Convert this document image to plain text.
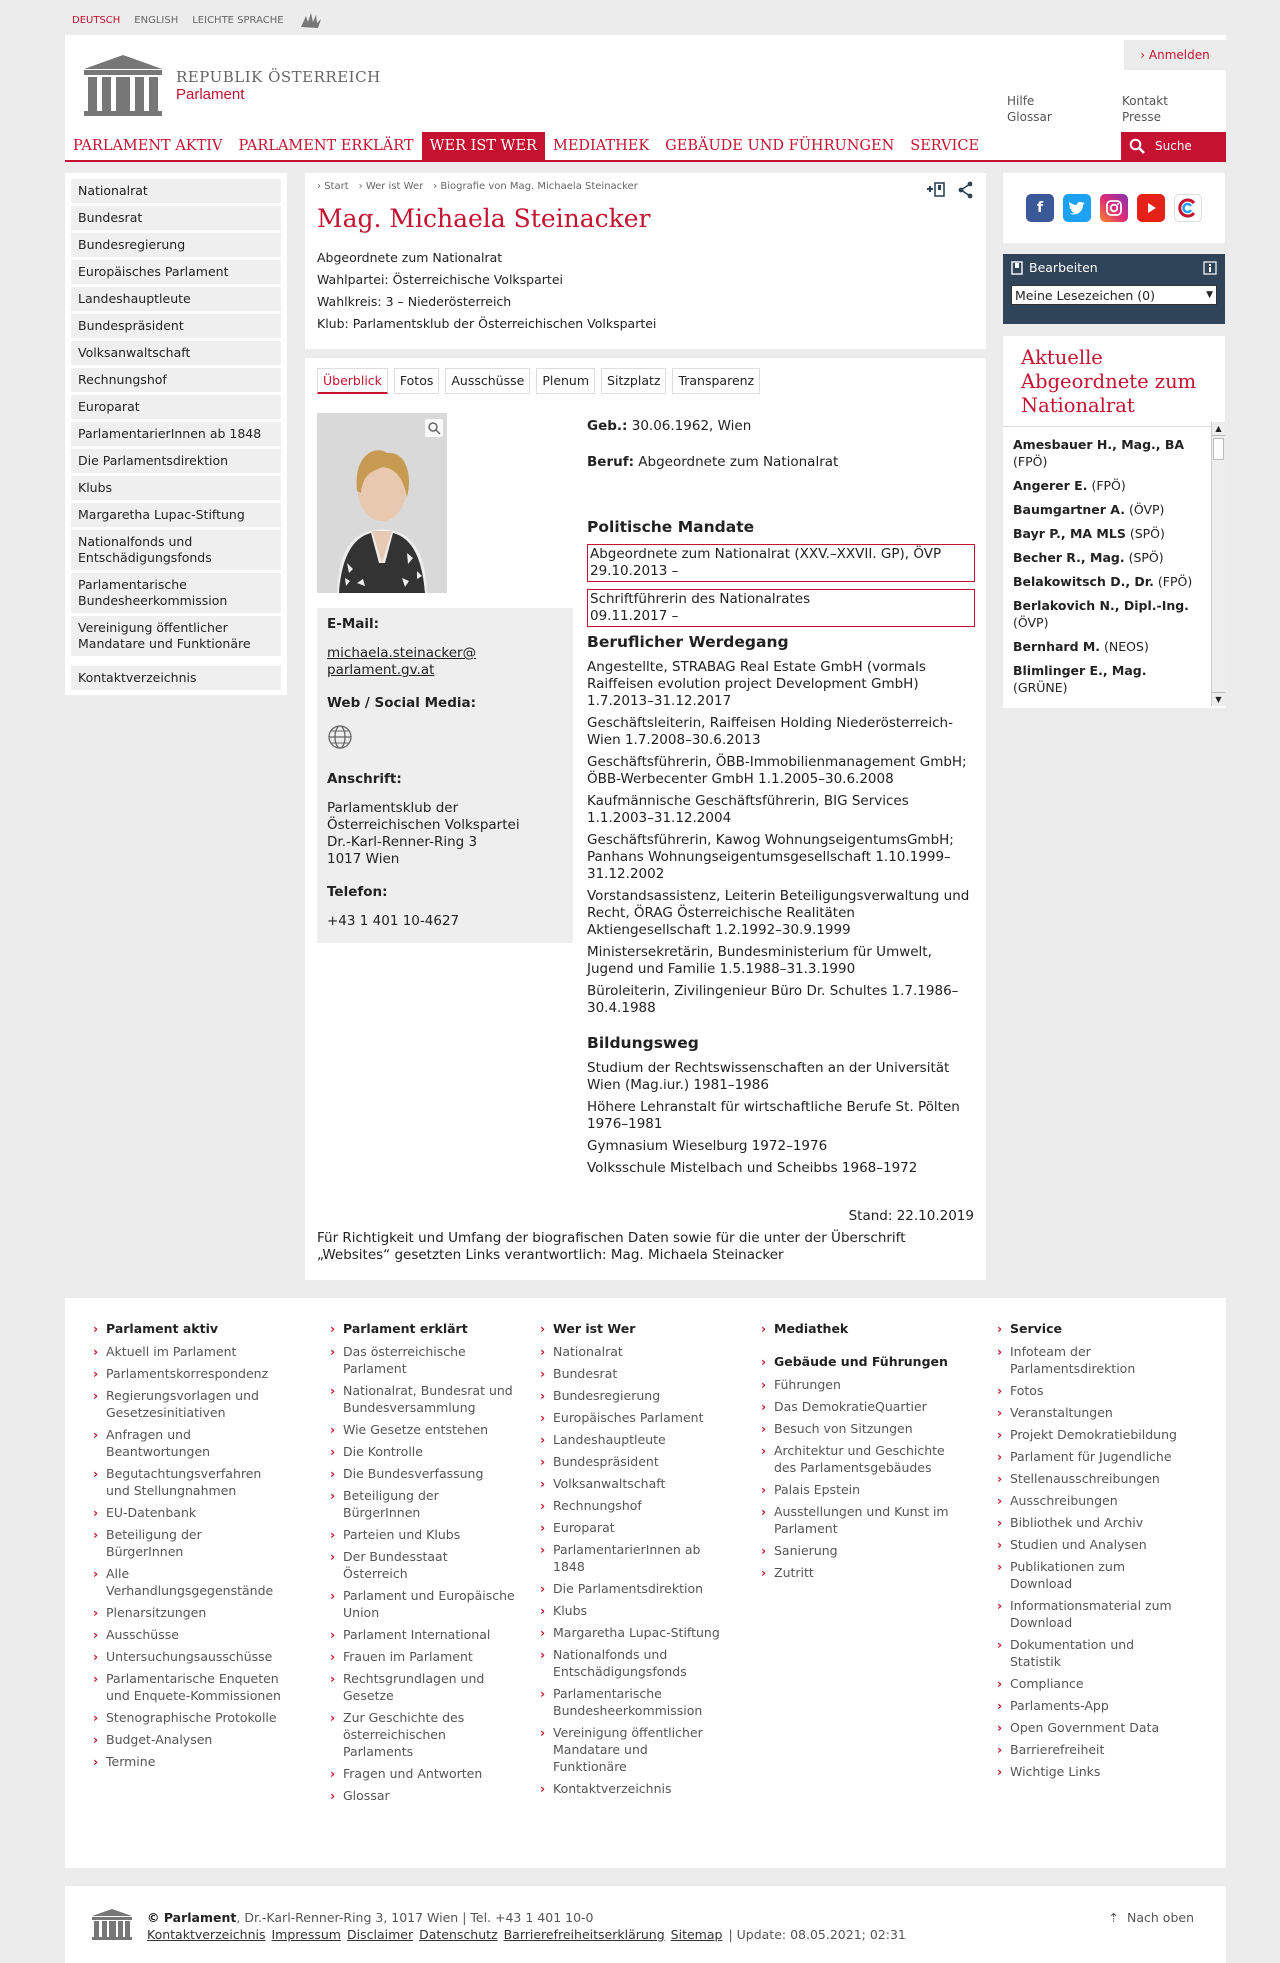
DEUTSCH ENGLISH LEICHTE SPRACHE
REPUBLIK ÖSTERREICH
Parlament
› Anmelden
Hilfe
Glossar
Kontakt
Presse
PARLAMENT AKTIV	PARLAMENT ERKLÄRT	WER IST WER	MEDIATHEK	GEBÄUDE UND FÜHRUNGEN	SERVICE	Suche
Nationalrat
Bundesrat
Bundesregierung
Europäisches Parlament
Landeshauptleute
Bundespräsident
Volksanwaltschaft
Rechnungshof
Europarat
ParlamentarierInnen ab 1848
Die Parlamentsdirektion
Klubs
Margaretha Lupac-Stiftung
Nationalfonds und Entschädigungsfonds
Parlamentarische Bundesheerkommission
Vereinigung öffentlicher Mandatare und Funktionäre
Kontaktverzeichnis
› Start	› Wer ist Wer	› Biografie von Mag. Michaela Steinacker
Mag. Michaela Steinacker
Abgeordnete zum Nationalrat
Wahlpartei: Österreichische Volkspartei
Wahlkreis: 3 – Niederösterreich
Klub: Parlamentsklub der Österreichischen Volkspartei
Überblick	Fotos	Ausschüsse	Plenum	Sitzplatz	Transparenz
E-Mail:
michaela.steinacker@
parlament.gv.at
Web / Social Media:
Anschrift:
Parlamentsklub der
Österreichischen Volkspartei
Dr.-Karl-Renner-Ring 3
1017 Wien
Telefon:
+43 1 401 10-4627
Geb.: 30.06.1962, Wien
Beruf: Abgeordnete zum Nationalrat
Politische Mandate
Abgeordnete zum Nationalrat (XXV.–XXVII. GP), ÖVP
29.10.2013 –
Schriftführerin des Nationalrates
09.11.2017 –
Beruflicher Werdegang
Angestellte, STRABAG Real Estate GmbH (vormals Raiffeisen evolution project Development GmbH) 1.7.2013–31.12.2017
Geschäftsleiterin, Raiffeisen Holding Niederösterreich-Wien 1.7.2008–30.6.2013
Geschäftsführerin, ÖBB-Immobilienmanagement GmbH; ÖBB-Werbecenter GmbH 1.1.2005–30.6.2008
Kaufmännische Geschäftsführerin, BIG Services 1.1.2003–31.12.2004
Geschäftsführerin, Kawog WohnungseigentumsGmbH; Panhans Wohnungseigentumsgesellschaft 1.10.1999–31.12.2002
Vorstandsassistenz, Leiterin Beteiligungsverwaltung und Recht, ÖRAG Österreichische Realitäten Aktiengesellschaft 1.2.1992–30.9.1999
Ministersekretärin, Bundesministerium für Umwelt, Jugend und Familie 1.5.1988–31.3.1990
Büroleiterin, Zivilingenieur Büro Dr. Schultes 1.7.1986–30.4.1988
Bildungsweg
Studium der Rechtswissenschaften an der Universität Wien (Mag.iur.) 1981–1986
Höhere Lehranstalt für wirtschaftliche Berufe St. Pölten 1976–1981
Gymnasium Wieselburg 1972–1976
Volksschule Mistelbach und Scheibbs 1968–1972
Stand: 22.10.2019
Für Richtigkeit und Umfang der biografischen Daten sowie für die unter der Überschrift „Websites“ gesetzten Links verantwortlich: Mag. Michaela Steinacker
f
Bearbeiten
Meine Lesezeichen (0)	▼
Aktuelle Abgeordnete zum Nationalrat
Amesbauer H., Mag., BA (FPÖ)
Angerer E. (FPÖ)
Baumgartner A. (ÖVP)
Bayr P., MA MLS (SPÖ)
Becher R., Mag. (SPÖ)
Belakowitsch D., Dr. (FPÖ)
Berlakovich N., Dipl.-Ing. (ÖVP)
Bernhard M. (NEOS)
Blimlinger E., Mag. (GRÜNE)
▲
▼
› Parlament aktiv
› Aktuell im Parlament
› Parlamentskorrespondenz
› Regierungsvorlagen und Gesetzesinitiativen
› Anfragen und Beantwortungen
› Begutachtungsverfahren und Stellungnahmen
› EU-Datenbank
› Beteiligung der BürgerInnen
› Alle Verhandlungsgegenstände
› Plenarsitzungen
› Ausschüsse
› Untersuchungsausschüsse
› Parlamentarische Enqueten und Enquete-Kommissionen
› Stenographische Protokolle
› Budget-Analysen
› Termine
› Parlament erklärt
› Das österreichische Parlament
› Nationalrat, Bundesrat und Bundesversammlung
› Wie Gesetze entstehen
› Die Kontrolle
› Die Bundesverfassung
› Beteiligung der BürgerInnen
› Parteien und Klubs
› Der Bundesstaat Österreich
› Parlament und Europäische Union
› Parlament International
› Frauen im Parlament
› Rechtsgrundlagen und Gesetze
› Zur Geschichte des österreichischen Parlaments
› Fragen und Antworten
› Glossar
› Wer ist Wer
› Nationalrat
› Bundesrat
› Bundesregierung
› Europäisches Parlament
› Landeshauptleute
› Bundespräsident
› Volksanwaltschaft
› Rechnungshof
› Europarat
› ParlamentarierInnen ab 1848
› Die Parlamentsdirektion
› Klubs
› Margaretha Lupac-Stiftung
› Nationalfonds und Entschädigungsfonds
› Parlamentarische Bundesheerkommission
› Vereinigung öffentlicher Mandatare und Funktionäre
› Kontaktverzeichnis
› Mediathek
› Gebäude und Führungen
› Führungen
› Das DemokratieQuartier
› Besuch von Sitzungen
› Architektur und Geschichte des Parlamentsgebäudes
› Palais Epstein
› Ausstellungen und Kunst im Parlament
› Sanierung
› Zutritt
› Service
› Infoteam der Parlamentsdirektion
› Fotos
› Veranstaltungen
› Projekt Demokratiebildung
› Parlament für Jugendliche
› Stellenausschreibungen
› Ausschreibungen
› Bibliothek und Archiv
› Studien und Analysen
› Publikationen zum Download
› Informationsmaterial zum Download
› Dokumentation und Statistik
› Compliance
› Parlaments-App
› Open Government Data
› Barrierefreiheit
› Wichtige Links
© Parlament, Dr.-Karl-Renner-Ring 3, 1017 Wien | Tel. +43 1 401 10-0
Kontaktverzeichnis Impressum Disclaimer Datenschutz Barrierefreiheitserklärung Sitemap | Update: 08.05.2021; 02:31
⇡ Nach oben
